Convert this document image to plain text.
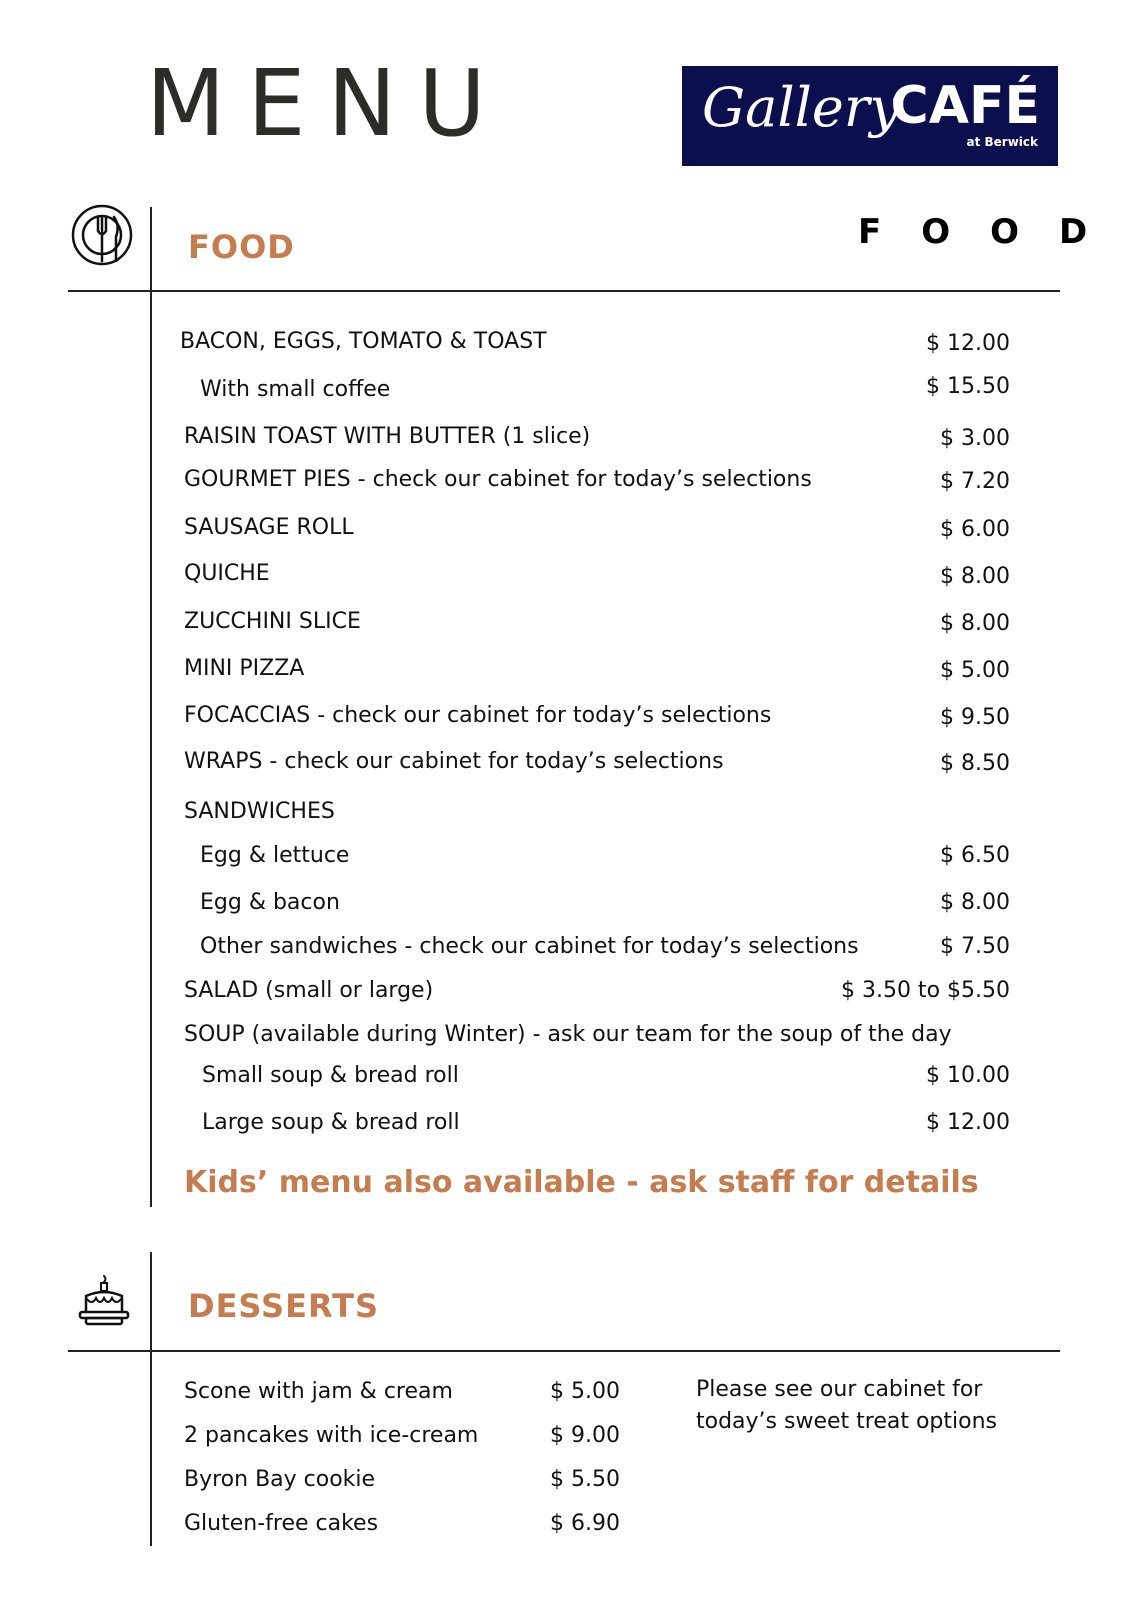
MENU	Gallery
CAFÉ
at Berwick
FOOD	FOOD
BACON, EGGS, TOMATO & TOAST	$ 12.00
With small coffee	$ 15.50
RAISIN TOAST WITH BUTTER (1 slice)	$ 3.00
GOURMET PIES - check our cabinet for today’s selections	$ 7.20
SAUSAGE ROLL	$ 6.00
QUICHE	$ 8.00
ZUCCHINI SLICE	$ 8.00
MINI PIZZA	$ 5.00
FOCACCIAS - check our cabinet for today’s selections	$ 9.50
WRAPS - check our cabinet for today’s selections	$ 8.50
SANDWICHES
Egg & lettuce	$ 6.50
Egg & bacon	$ 8.00
Other sandwiches - check our cabinet for today’s selections	$ 7.50
SALAD (small or large)	$ 3.50 to $5.50
SOUP (available during Winter) - ask our team for the soup of the day
Small soup & bread roll	$ 10.00
Large soup & bread roll	$ 12.00
Kids’ menu also available - ask staff for details
DESSERTS
Scone with jam & cream	$ 5.00
2 pancakes with ice-cream	$ 9.00
Byron Bay cookie	$ 5.50
Gluten-free cakes	$ 6.90
Please see our cabinet for today’s sweet treat options
